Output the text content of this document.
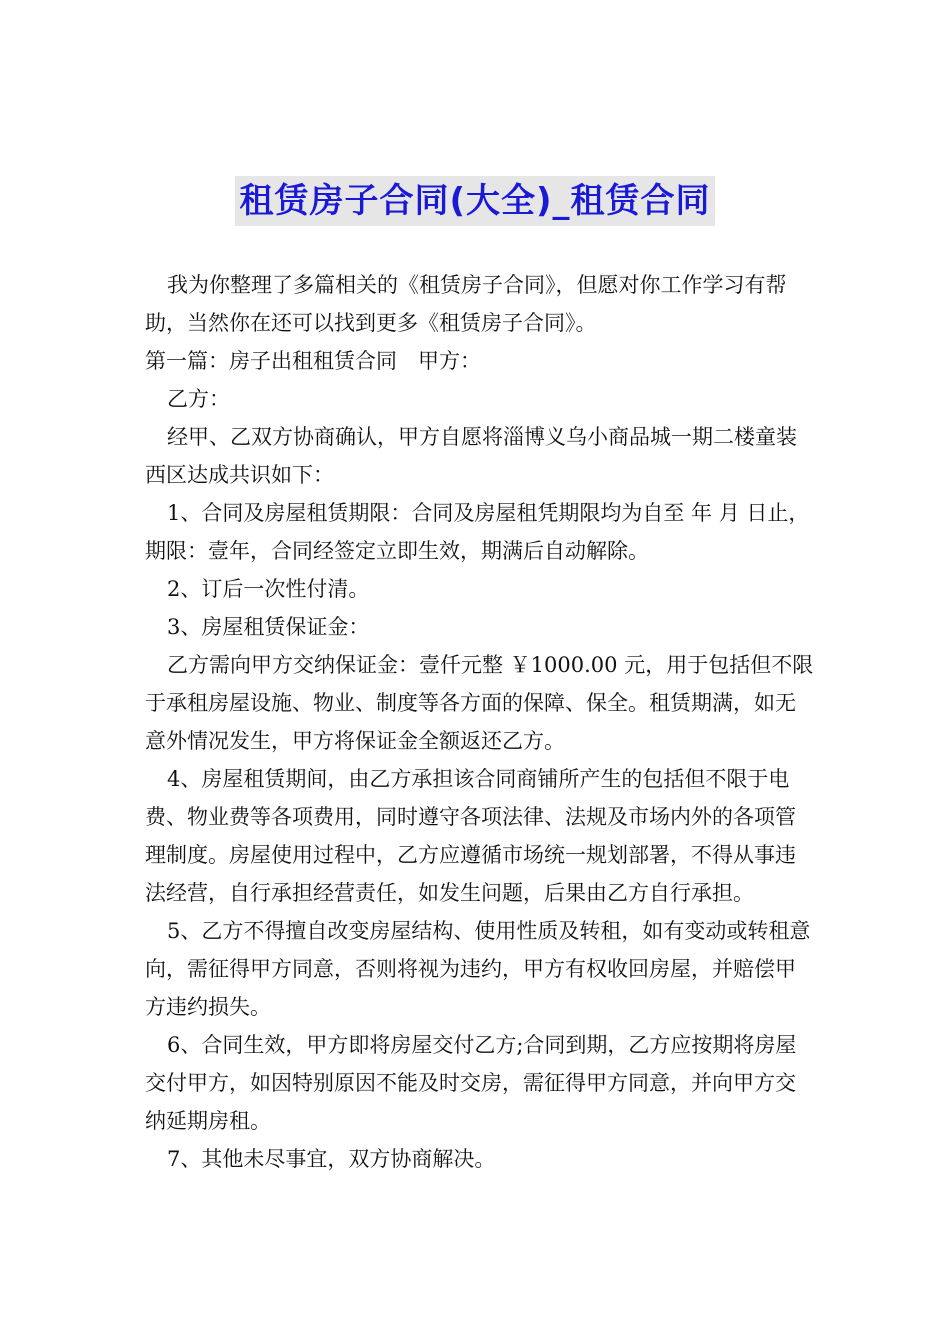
租赁房子合同(大全)_租赁合同

我为你整理了多篇相关的《租赁房子合同》，但愿对你工作学习有帮助，当然你在还可以找到更多《租赁房子合同》。

第一篇：房子出租租赁合同　甲方：

乙方：

经甲、乙双方协商确认，甲方自愿将淄博义乌小商品城一期二楼童装西区达成共识如下：

1、合同及房屋租赁期限：合同及房屋租凭期限均为自至 年 月 日止，期限：壹年，合同经签定立即生效，期满后自动解除。

2、订后一次性付清。

3、房屋租赁保证金：

乙方需向甲方交纳保证金：壹仟元整 ￥1000.00 元，用于包括但不限于承租房屋设施、物业、制度等各方面的保障、保全。租赁期满，如无意外情况发生，甲方将保证金全额返还乙方。

4、房屋租赁期间，由乙方承担该合同商铺所产生的包括但不限于电费、物业费等各项费用，同时遵守各项法律、法规及市场内外的各项管理制度。房屋使用过程中，乙方应遵循市场统一规划部署，不得从事违法经营，自行承担经营责任，如发生问题，后果由乙方自行承担。

5、乙方不得擅自改变房屋结构、使用性质及转租，如有变动或转租意向，需征得甲方同意，否则将视为违约，甲方有权收回房屋，并赔偿甲方违约损失。

6、合同生效，甲方即将房屋交付乙方;合同到期，乙方应按期将房屋交付甲方，如因特别原因不能及时交房，需征得甲方同意，并向甲方交纳延期房租。

7、其他未尽事宜，双方协商解决。
